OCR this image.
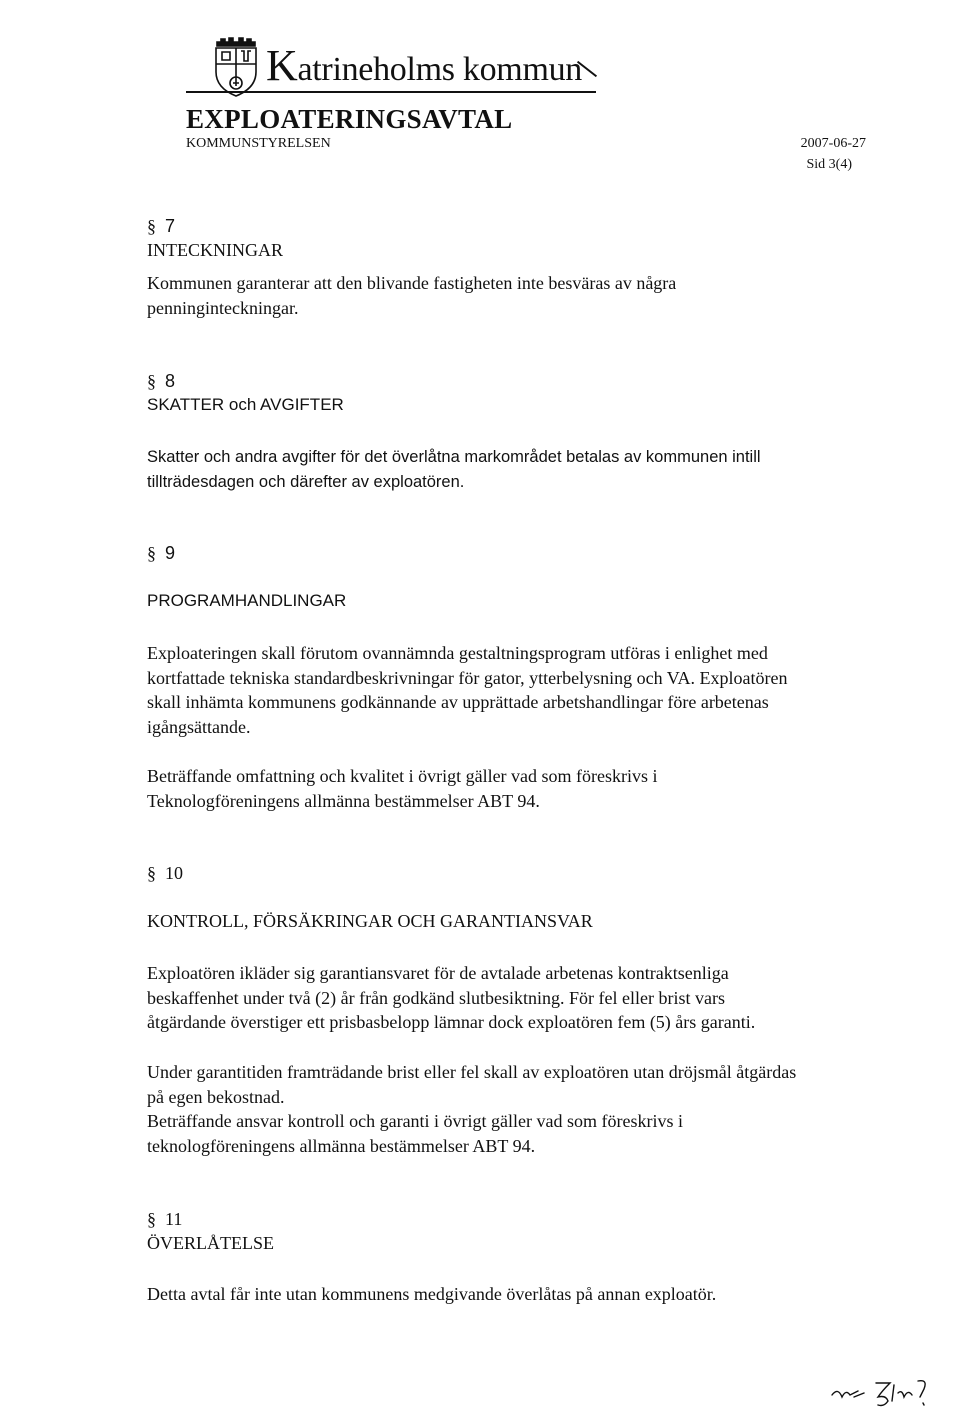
Katrineholms kommun
EXPLOATERINGSAVTAL
KOMMUNSTYRELSEN	2007-06-27
Sid 3(4)
§ 7
INTECKNINGAR
Kommunen garanterar att den blivande fastigheten inte besväras av några
penninginteckningar.
§ 8
SKATTER och AVGIFTER
Skatter och andra avgifter för det överlåtna markområdet betalas av kommunen intill
tillträdesdagen och därefter av exploatören.
§ 9
PROGRAMHANDLINGAR
Exploateringen skall förutom ovannämnda gestaltningsprogram utföras i enlighet med
kortfattade tekniska standardbeskrivningar för gator, ytterbelysning och VA. Exploatören
skall inhämta kommunens godkännande av upprättade arbetshandlingar före arbetenas
igångsättande.
Beträffande omfattning och kvalitet i övrigt gäller vad som föreskrivs i
Teknologföreningens allmänna bestämmelser ABT 94.
§ 10
KONTROLL, FÖRSÄKRINGAR OCH GARANTIANSVAR
Exploatören ikläder sig garantiansvaret för de avtalade arbetenas kontraktsenliga
beskaffenhet under två (2) år från godkänd slutbesiktning. För fel eller brist vars
åtgärdande överstiger ett prisbasbelopp lämnar dock exploatören fem (5) års garanti.
Under garantitiden framträdande brist eller fel skall av exploatören utan dröjsmål åtgärdas
på egen bekostnad.
Beträffande ansvar kontroll och garanti i övrigt gäller vad som föreskrivs i
teknologföreningens allmänna bestämmelser ABT 94.
§ 11
ÖVERLÅTELSE
Detta avtal får inte utan kommunens medgivande överlåtas på annan exploatör.
